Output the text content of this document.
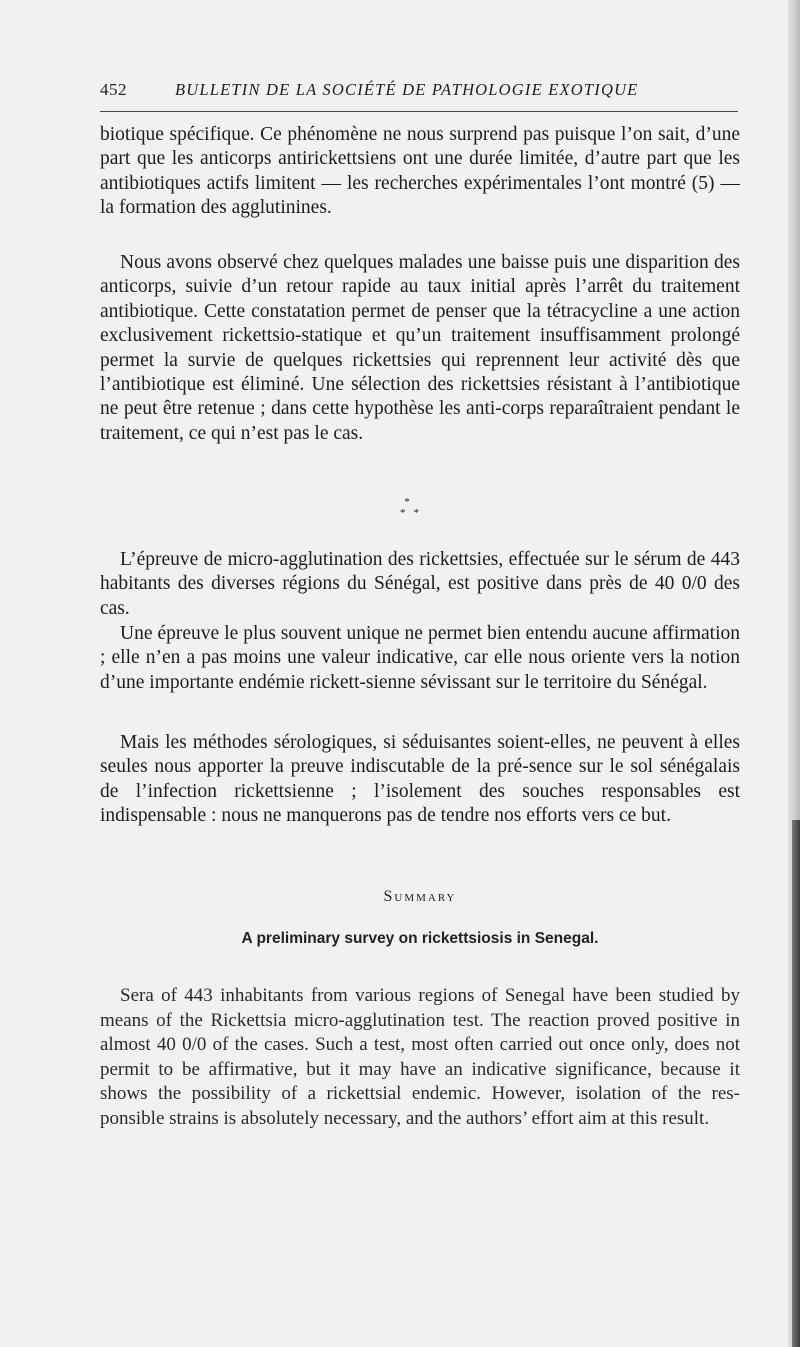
452	BULLETIN DE LA SOCIÉTÉ DE PATHOLOGIE EXOTIQUE

biotique spécifique. Ce phénomène ne nous surprend pas puisque l’on sait, d’une part que les anticorps antirickettsiens ont une durée limitée, d’autre part que les antibiotiques actifs limitent — les recherches expérimentales l’ont montré (5) — la formation des agglutinines.

Nous avons observé chez quelques malades une baisse puis une disparition des anticorps, suivie d’un retour rapide au taux initial après l’arrêt du traitement antibiotique. Cette constatation permet de penser que la tétracycline a une action exclusivement rickettsio-statique et qu’un traitement insuffisamment prolongé permet la survie de quelques rickettsies qui reprennent leur activité dès que l’antibiotique est éliminé. Une sélection des rickettsies résistant à l’antibiotique ne peut être retenue ; dans cette hypothèse les anti-corps reparaîtraient pendant le traitement, ce qui n’est pas le cas.

*
**

L’épreuve de micro-agglutination des rickettsies, effectuée sur le sérum de 443 habitants des diverses régions du Sénégal, est positive dans près de 40 0/0 des cas.

Une épreuve le plus souvent unique ne permet bien entendu aucune affirmation ; elle n’en a pas moins une valeur indicative, car elle nous oriente vers la notion d’une importante endémie rickett-sienne sévissant sur le territoire du Sénégal.

Mais les méthodes sérologiques, si séduisantes soient-elles, ne peuvent à elles seules nous apporter la preuve indiscutable de la pré-sence sur le sol sénégalais de l’infection rickettsienne ; l’isolement des souches responsables est indispensable : nous ne manquerons pas de tendre nos efforts vers ce but.

Summary
A preliminary survey on rickettsiosis in Senegal.

Sera of 443 inhabitants from various regions of Senegal have been studied by means of the Rickettsia micro-agglutination test. The reaction proved positive in almost 40 0/0 of the cases. Such a test, most often carried out once only, does not permit to be affirmative, but it may have an indicative significance, because it shows the possibility of a rickettsial endemic. However, isolation of the res-ponsible strains is absolutely necessary, and the authors’ effort aim at this result.
